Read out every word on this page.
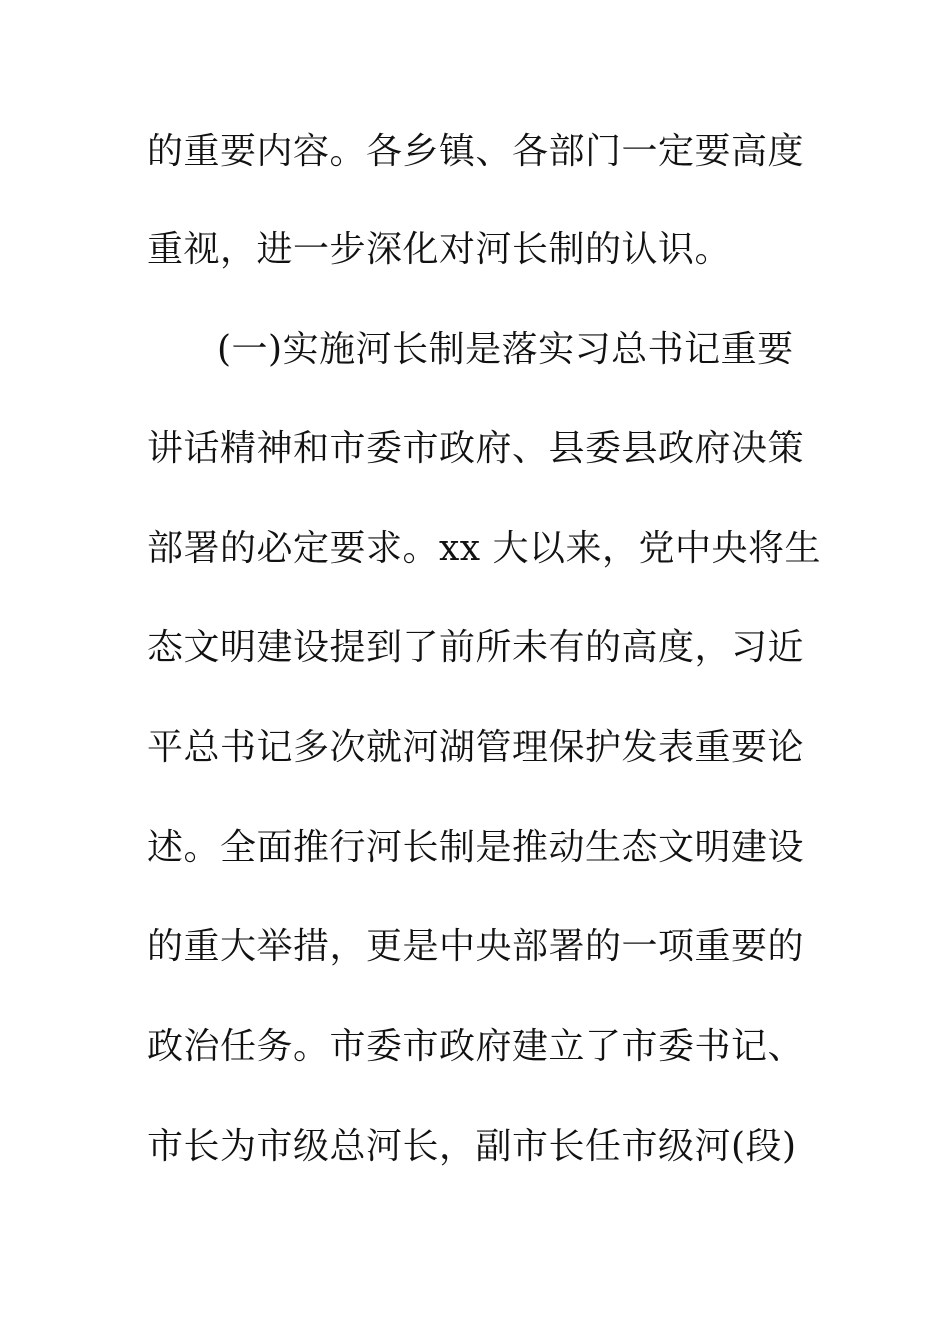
的重要内容。各乡镇、各部门一定要高度
重视，进一步深化对河长制的认识。
(一)实施河长制是落实习总书记重要
讲话精神和市委市政府、县委县政府决策
部署的必定要求。xx 大以来，党中央将生
态文明建设提到了前所未有的高度，习近
平总书记多次就河湖管理保护发表重要论
述。全面推行河长制是推动生态文明建设
的重大举措，更是中央部署的一项重要的
政治任务。市委市政府建立了市委书记、
市长为市级总河长，副市长任市级河(段)
